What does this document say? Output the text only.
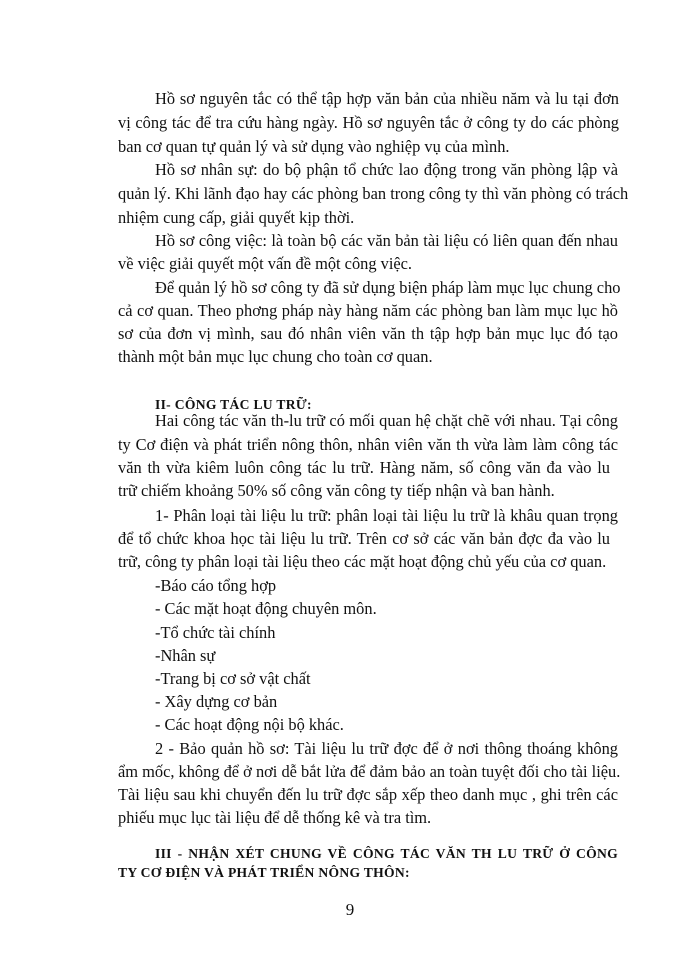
Hồ sơ nguyên tắc có thể tập hợp văn bản của nhiều năm và lu tại đơn
vị công tác để tra cứu hàng ngày. Hồ sơ nguyên tắc ở công ty do các phòng
ban cơ quan tự quản lý và sử dụng vào nghiệp vụ của mình.
Hồ sơ nhân sự: do bộ phận tổ chức lao động trong văn phòng lập và
quản lý. Khi lãnh đạo hay các phòng ban trong công ty thì văn phòng có trách
nhiệm cung cấp, giải quyết kịp thời.
Hồ sơ công việc: là toàn bộ các văn bản tài liệu có liên quan đến nhau
về việc giải quyết một vấn đề một công việc.
Để quản lý hồ sơ công ty đã sử dụng biện pháp làm mục lục chung cho
cả cơ quan. Theo phơng pháp này hàng năm các phòng ban làm mục lục hồ
sơ của đơn vị mình, sau đó nhân viên văn th tập hợp bản mục lục đó tạo
thành một bản mục lục chung cho toàn cơ quan.
II- CÔNG TÁC LU TRỮ:
Hai công tác văn th-lu trữ có mối quan hệ chặt chẽ với nhau. Tại công
ty Cơ điện và phát triển nông thôn, nhân viên văn th vừa làm làm công tác
văn th vừa kiêm luôn công tác lu trữ. Hàng năm, số công văn đa vào lu
trữ chiếm khoảng 50% số công văn công ty tiếp nhận và ban hành.
1- Phân loại tài liệu lu trữ: phân loại tài liệu lu trữ là khâu quan trọng
để tổ chức khoa học tài liệu lu trữ. Trên cơ sở các văn bản đợc đa vào lu
trữ, công ty phân loại tài liệu theo các mặt hoạt động chủ yếu của cơ quan.
-Báo cáo tổng hợp
- Các mặt hoạt động chuyên môn.
-Tổ chức tài chính
-Nhân sự
-Trang bị cơ sở vật chất
- Xây dựng cơ bản
- Các hoạt động nội bộ khác.
2 - Bảo quản hồ sơ: Tài liệu lu trữ đợc để ở nơi thông thoáng không
ẩm mốc, không để ở nơi dễ bắt lửa để đảm bảo an toàn tuyệt đối cho tài liệu.
Tài liệu sau khi chuyển đến lu trữ đợc sắp xếp theo danh mục , ghi trên các
phiếu mục lục tài liệu để dễ thống kê và tra tìm.
III - NHẬN XÉT CHUNG VỀ CÔNG TÁC VĂN TH LU TRỮ Ở CÔNG
TY CƠ ĐIỆN VÀ PHÁT TRIỂN NÔNG THÔN:
9
